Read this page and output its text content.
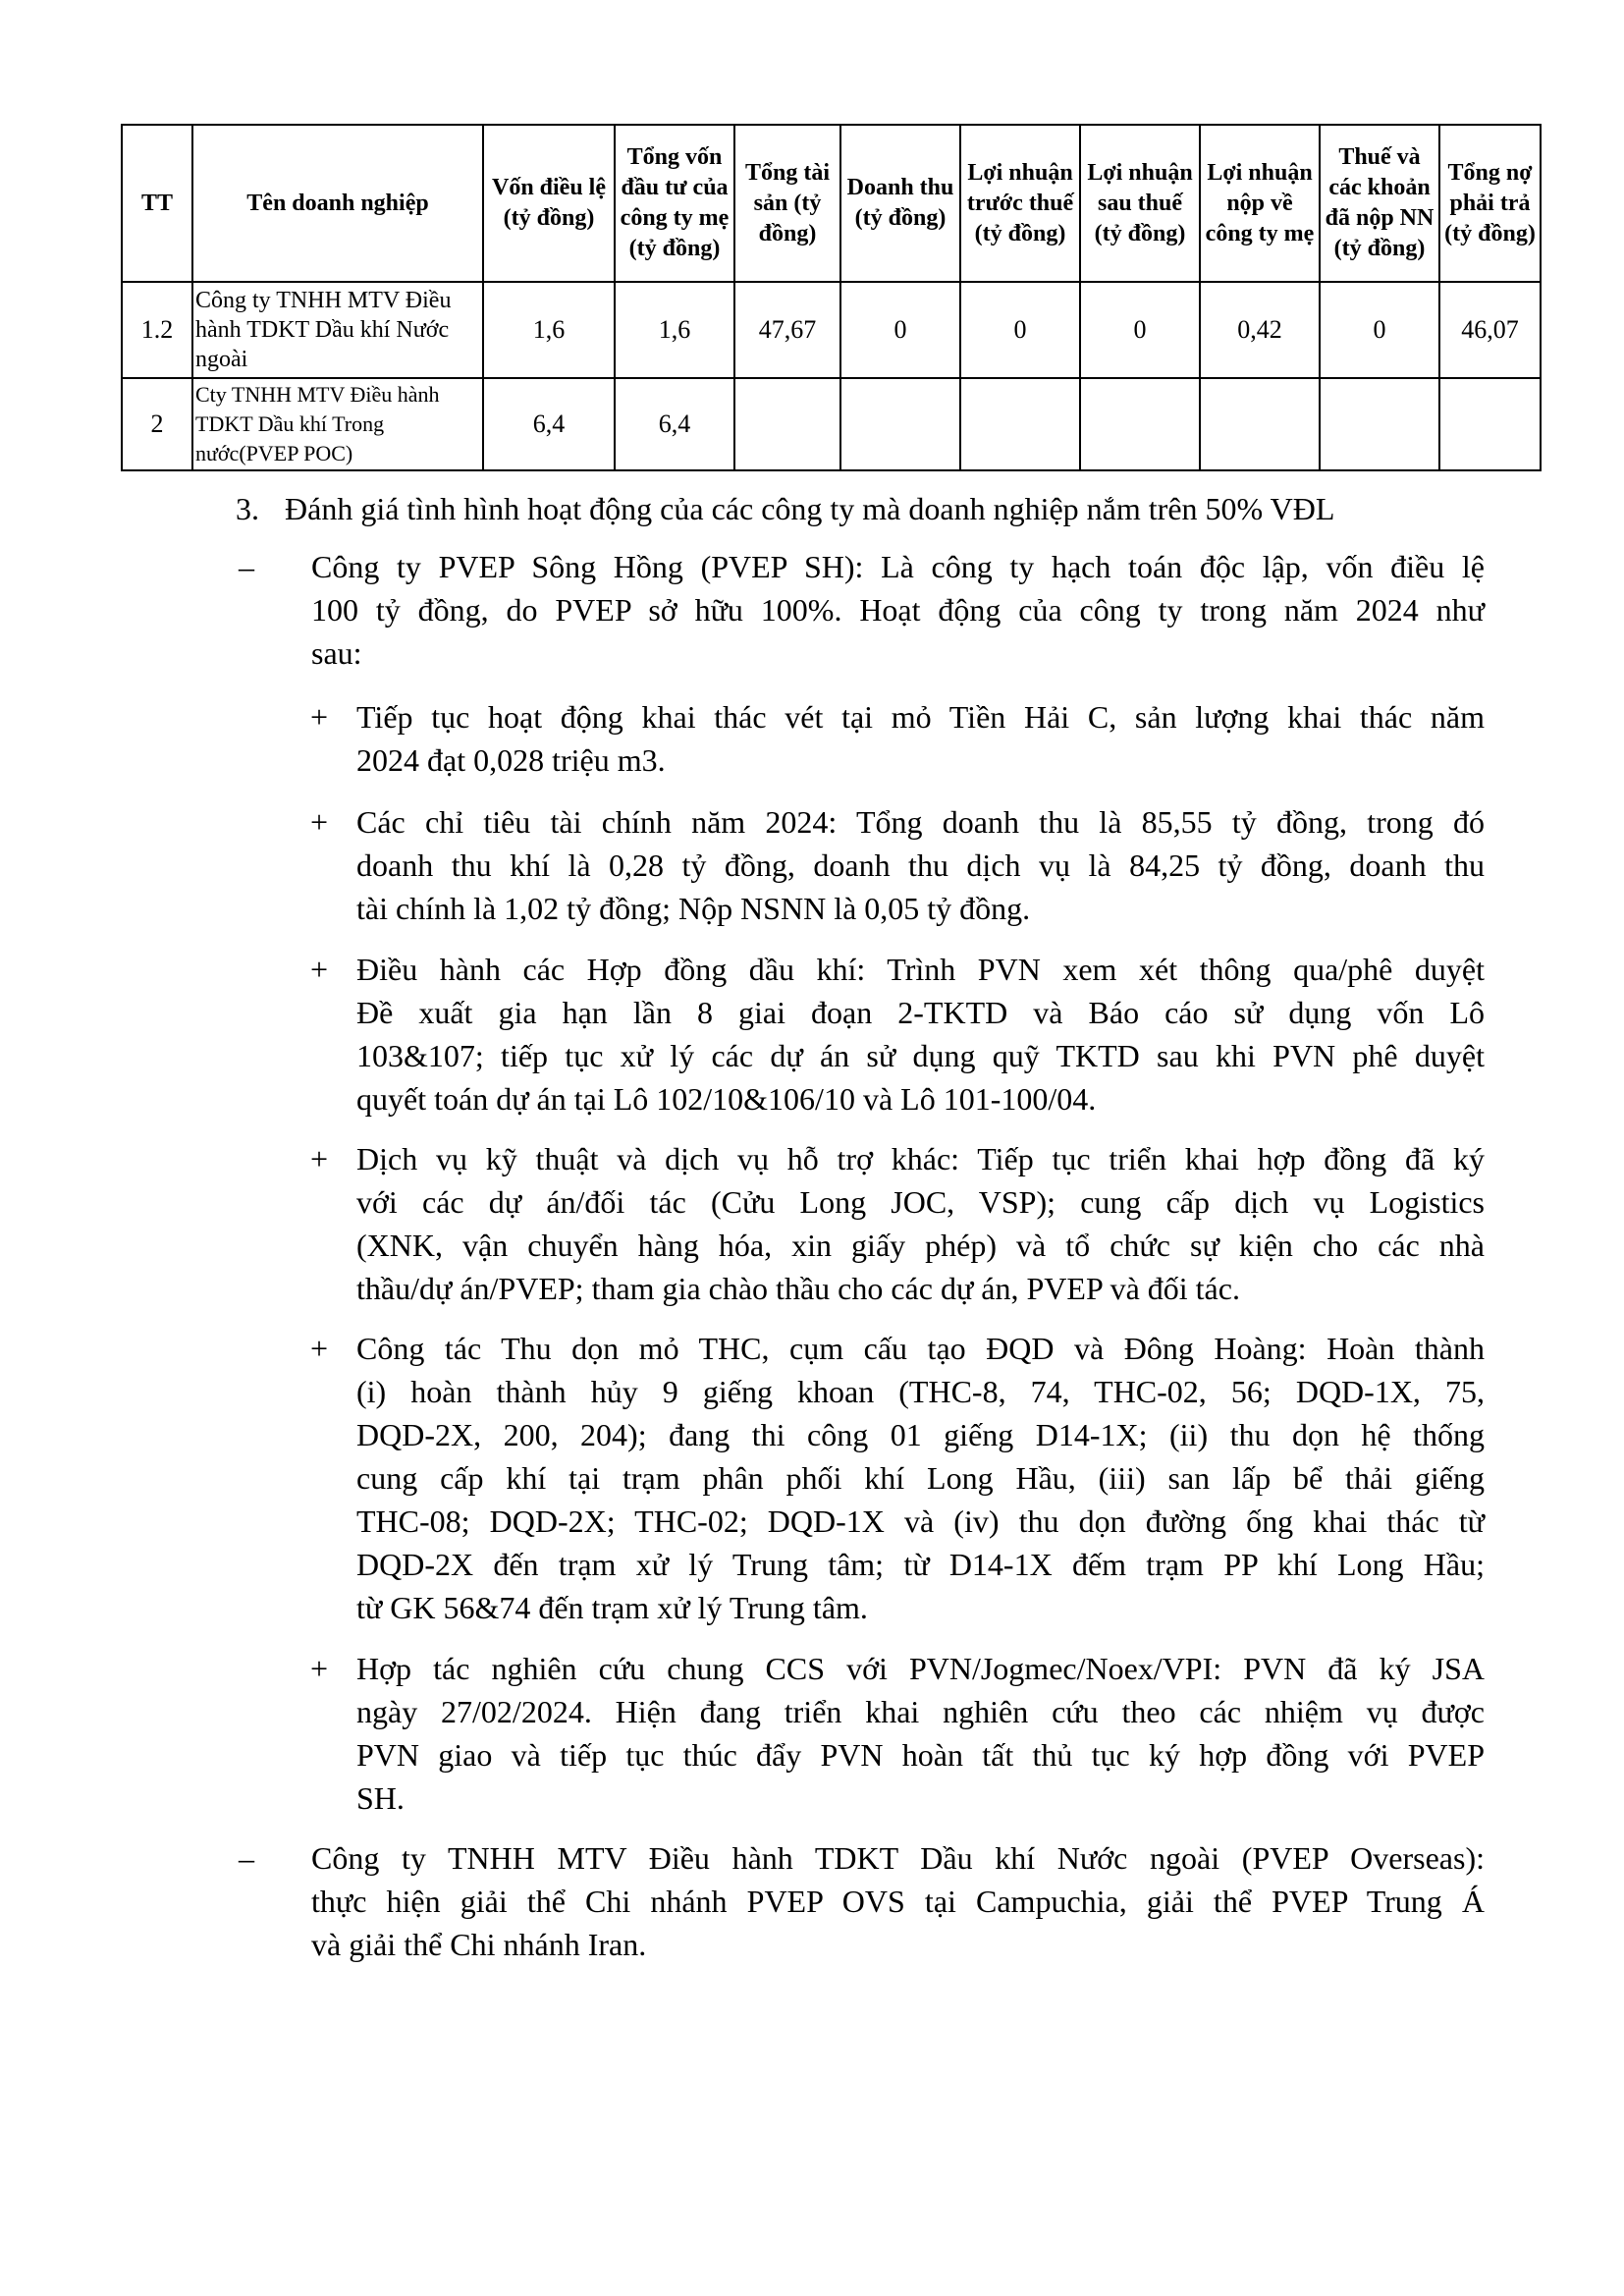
TT	Tên doanh nghiệp	Vốn điều lệ (tỷ đồng)	Tổng vốn đầu tư của công ty mẹ (tỷ đồng)	Tổng tài sản (tỷ đồng)	Doanh thu (tỷ đồng)	Lợi nhuận trước thuế (tỷ đồng)	Lợi nhuận sau thuế (tỷ đồng)	Lợi nhuận nộp về công ty mẹ	Thuế và các khoản đã nộp NN (tỷ đồng)	Tổng nợ phải trả (tỷ đồng)
1.2	Công ty TNHH MTV Điều hành TDKT Dầu khí Nước ngoài	1,6	1,6	47,67	0	0	0	0,42	0	46,07
2	Cty TNHH MTV Điều hành TDKT Dầu khí Trong nước(PVEP POC)	6,4	6,4							
3. Đánh giá tình hình hoạt động của các công ty mà doanh nghiệp nắm trên 50% VĐL
– Công ty PVEP Sông Hồng (PVEP SH): Là công ty hạch toán độc lập, vốn điều lệ
100 tỷ đồng, do PVEP sở hữu 100%. Hoạt động của công ty trong năm 2024 như
sau:
+ Tiếp tục hoạt động khai thác vét tại mỏ Tiền Hải C, sản lượng khai thác năm
2024 đạt 0,028 triệu m3.
+ Các chỉ tiêu tài chính năm 2024: Tổng doanh thu là 85,55 tỷ đồng, trong đó
doanh thu khí là 0,28 tỷ đồng, doanh thu dịch vụ là 84,25 tỷ đồng, doanh thu
tài chính là 1,02 tỷ đồng; Nộp NSNN là 0,05 tỷ đồng.
+ Điều hành các Hợp đồng dầu khí: Trình PVN xem xét thông qua/phê duyệt
Đề xuất gia hạn lần 8 giai đoạn 2-TKTD và Báo cáo sử dụng vốn Lô
103&107; tiếp tục xử lý các dự án sử dụng quỹ TKTD sau khi PVN phê duyệt
quyết toán dự án tại Lô 102/10&106/10 và Lô 101-100/04.
+ Dịch vụ kỹ thuật và dịch vụ hỗ trợ khác: Tiếp tục triển khai hợp đồng đã ký
với các dự án/đối tác (Cửu Long JOC, VSP); cung cấp dịch vụ Logistics
(XNK, vận chuyển hàng hóa, xin giấy phép) và tổ chức sự kiện cho các nhà
thầu/dự án/PVEP; tham gia chào thầu cho các dự án, PVEP và đối tác.
+ Công tác Thu dọn mỏ THC, cụm cấu tạo ĐQD và Đông Hoàng: Hoàn thành
(i) hoàn thành hủy 9 giếng khoan (THC-8, 74, THC-02, 56; DQD-1X, 75,
DQD-2X, 200, 204); đang thi công 01 giếng D14-1X; (ii) thu dọn hệ thống
cung cấp khí tại trạm phân phối khí Long Hầu, (iii) san lấp bể thải giếng
THC-08; DQD-2X; THC-02; DQD-1X và (iv) thu dọn đường ống khai thác từ
DQD-2X đến trạm xử lý Trung tâm; từ D14-1X đếm trạm PP khí Long Hầu;
từ GK 56&74 đến trạm xử lý Trung tâm.
+ Hợp tác nghiên cứu chung CCS với PVN/Jogmec/Noex/VPI: PVN đã ký JSA
ngày 27/02/2024. Hiện đang triển khai nghiên cứu theo các nhiệm vụ được
PVN giao và tiếp tục thúc đẩy PVN hoàn tất thủ tục ký hợp đồng với PVEP
SH.
– Công ty TNHH MTV Điều hành TDKT Dầu khí Nước ngoài (PVEP Overseas):
thực hiện giải thể Chi nhánh PVEP OVS tại Campuchia, giải thể PVEP Trung Á
và giải thể Chi nhánh Iran.
